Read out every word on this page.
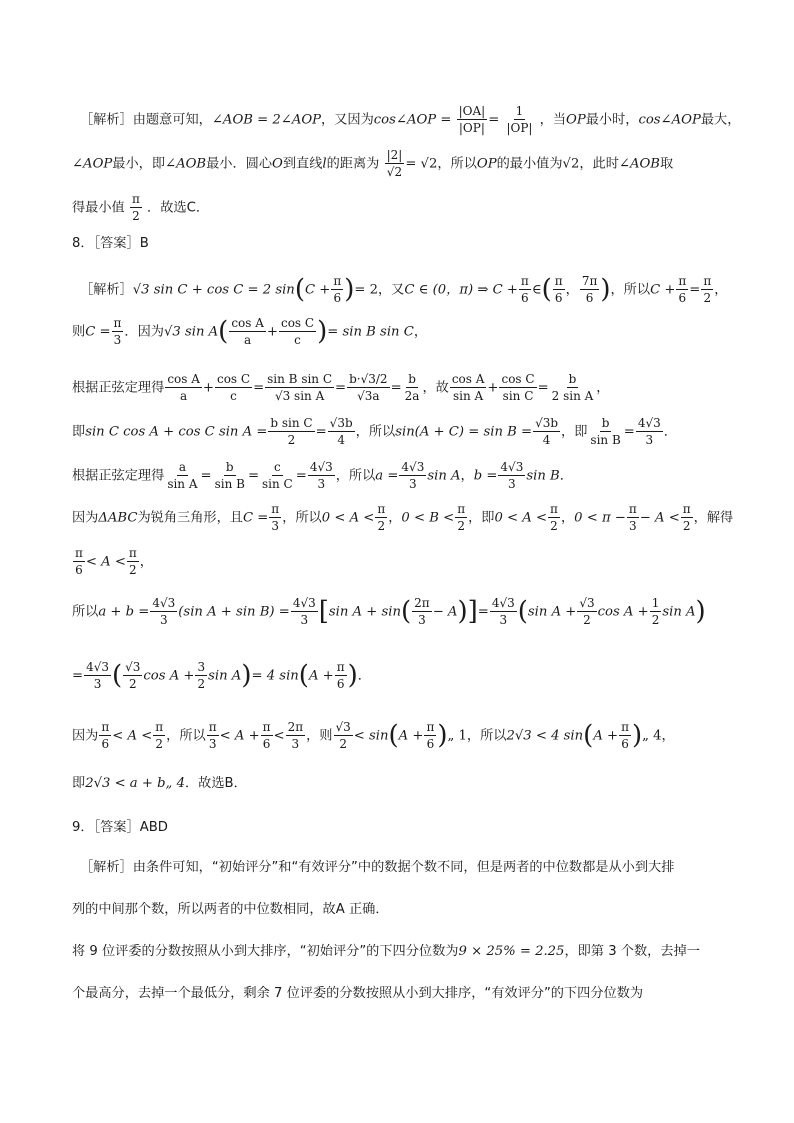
［解析］由题意可知，∠AOB = 2∠AOP，又因为cos∠AOP = $\frac{|OA|}{|OP|} = \frac{1}{|OP|}$ ，当OP最小时，cos∠AOP最大，
∠AOP最小，即∠AOB最小．圆心O到直线l的距离为 $\frac{|2|}{√2} = √2$，所以OP的最小值为√2，此时∠AOB取
得最小值 $\frac{\pi}{2}$ ．故选C．
8．［答案］B
［解析］√3 sin C + cos C = 2 $\sin(C + \frac{\pi}{6}$ )= 2，又C ∈ (0，π) ⇒ $C + \frac{\pi}{6}$ ∈( $\frac{\pi}{6}$ ， $\frac{7\pi}{6}$ )，所以$C + \frac{\pi}{6} = \frac{\pi}{2}$ ，
则$C = \frac{\pi}{3}$ ．因为√3 $\sin A( \frac{\text{cos A}}{a} + \frac{\text{cos C}}{c}$ )= sin B sin C，
根据正弦定理得 $\frac{\text{cos A}}{a} + \frac{\text{cos C}}{c} = \frac{\text{sin B sin C}}{\text{√3 sin A}} = \frac{b\cdot√3/2}{√3a} = \frac{b}{2a}$ ，故 $\frac{\text{cos A}}{\text{sin A}} + \frac{\text{cos C}}{\text{sin C}} = \frac{b}{\text{2 sin A}}$ ，
即sin C cos A + cos C $\sin A = \frac{\text{b sin C}}{2} = \frac{√3b}{4}$ ，所以$\sin(A + C) = \sin B = \frac{√3b}{4}$ ，即 $\frac{b}{\text{sin B}} = \frac{4√3}{3}$ ．
根据正弦定理得 $\frac{a}{\text{sin A}} = \frac{b}{\text{sin B}} = \frac{c}{\text{sin C}} = \frac{4√3}{3}$ ，所以$a = \frac{4√3}{3}$ sin A，$b = \frac{4√3}{3}$ sin B．
因为ΔABC为锐角三角形，且$C = \frac{\pi}{3}$ ，所以$0 < A < \frac{\pi}{2}$ ，$0 < B < \frac{\pi}{2}$ ，即$0 < A < \frac{\pi}{2}$ ，$0 < \pi - \frac{\pi}{3} - A < \frac{\pi}{2}$ ，解得
$\frac{\pi}{6} < A < \frac{\pi}{2}$ ，
所以$a + b = \frac{4√3}{3} (\sin$ $A + \sin B) = \frac{4√3}{3} [\sin$ $A + \sin( \frac{2\pi}{3} - A)]= \frac{4√3}{3} (\sin$ $A + \frac{√3}{2}$ $\cos A + \frac{1}{2}$ sin A)
= $\frac{4√3}{3}$ ( $\frac{√3}{2}$ $\cos A + \frac{3}{2}$ sin A)= 4 $\sin(A + \frac{\pi}{6}$ )．
因为 $\frac{\pi}{6} < A < \frac{\pi}{2}$ ，所以 $\frac{\pi}{3} < A + \frac{\pi}{6} < \frac{2\pi}{3}$ ，则 $\frac{√3}{2} < \sin(A + \frac{\pi}{6}$ )„ 1，所以2√3 < 4 $\sin(A + \frac{\pi}{6}$ )„ 4，
即2√3 < a + b„ 4．故选B．
9．［答案］ABD
［解析］由条件可知，“初始评分”和“有效评分”中的数据个数不同，但是两者的中位数都是从小到大排
列的中间那个数，所以两者的中位数相同，故A 正确．
将 9 位评委的分数按照从小到大排序，“初始评分”的下四分位数为9 × 25% = 2.25，即第 3 个数，去掉一
个最高分，去掉一个最低分，剩余 7 位评委的分数按照从小到大排序，“有效评分”的下四分位数为
